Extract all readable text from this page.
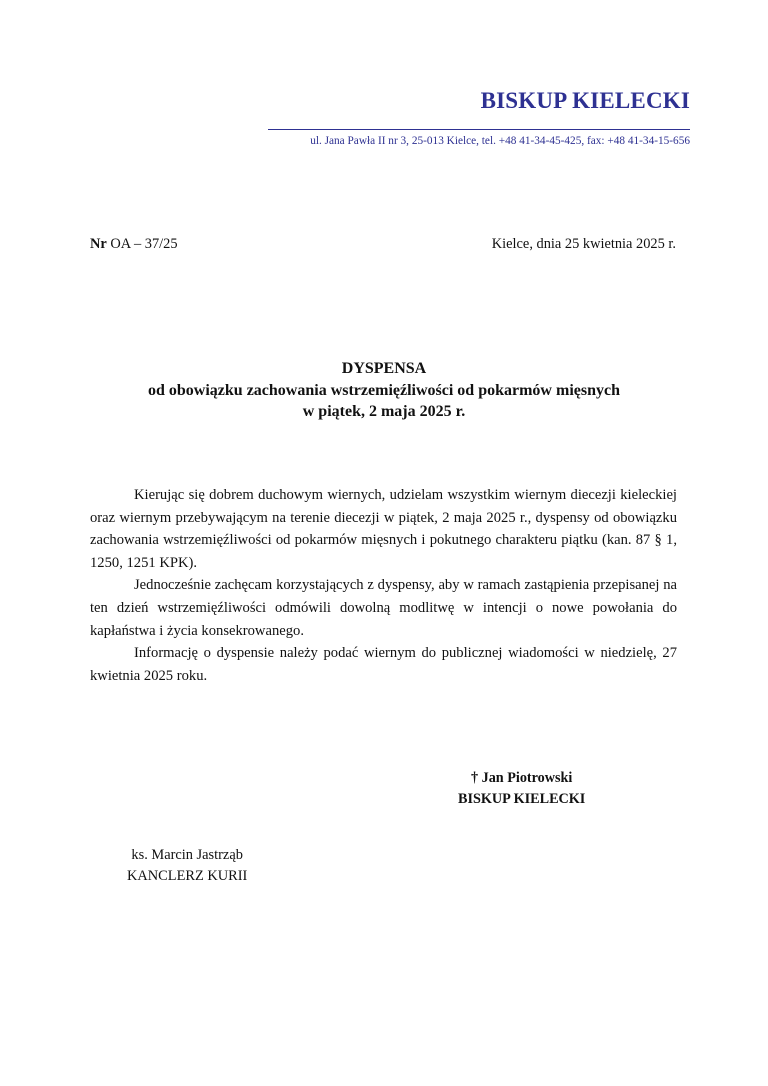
BISKUP KIELECKI
ul. Jana Pawła II nr 3, 25-013 Kielce, tel. +48 41-34-45-425, fax: +48 41-34-15-656
Nr OA – 37/25	Kielce, dnia 25 kwietnia 2025 r.
DYSPENSA
od obowiązku zachowania wstrzemięźliwości od pokarmów mięsnych
w piątek, 2 maja 2025 r.

Kierując się dobrem duchowym wiernych, udzielam wszystkim wiernym diecezji kieleckiej oraz wiernym przebywającym na terenie diecezji w piątek, 2 maja 2025 r., dyspensy od obowiązku zachowania wstrzemięźliwości od pokarmów mięsnych i pokutnego charakteru piątku (kan. 87 § 1, 1250, 1251 KPK).

Jednocześnie zachęcam korzystających z dyspensy, aby w ramach zastąpienia przepisanej na ten dzień wstrzemięźliwości odmówili dowolną modlitwę w intencji o nowe powołania do kapłaństwa i życia konsekrowanego.

Informację o dyspensie należy podać wiernym do publicznej wiadomości w niedzielę, 27 kwietnia 2025 roku.

† Jan Piotrowski
BISKUP KIELECKI
ks. Marcin Jastrząb
KANCLERZ KURII
